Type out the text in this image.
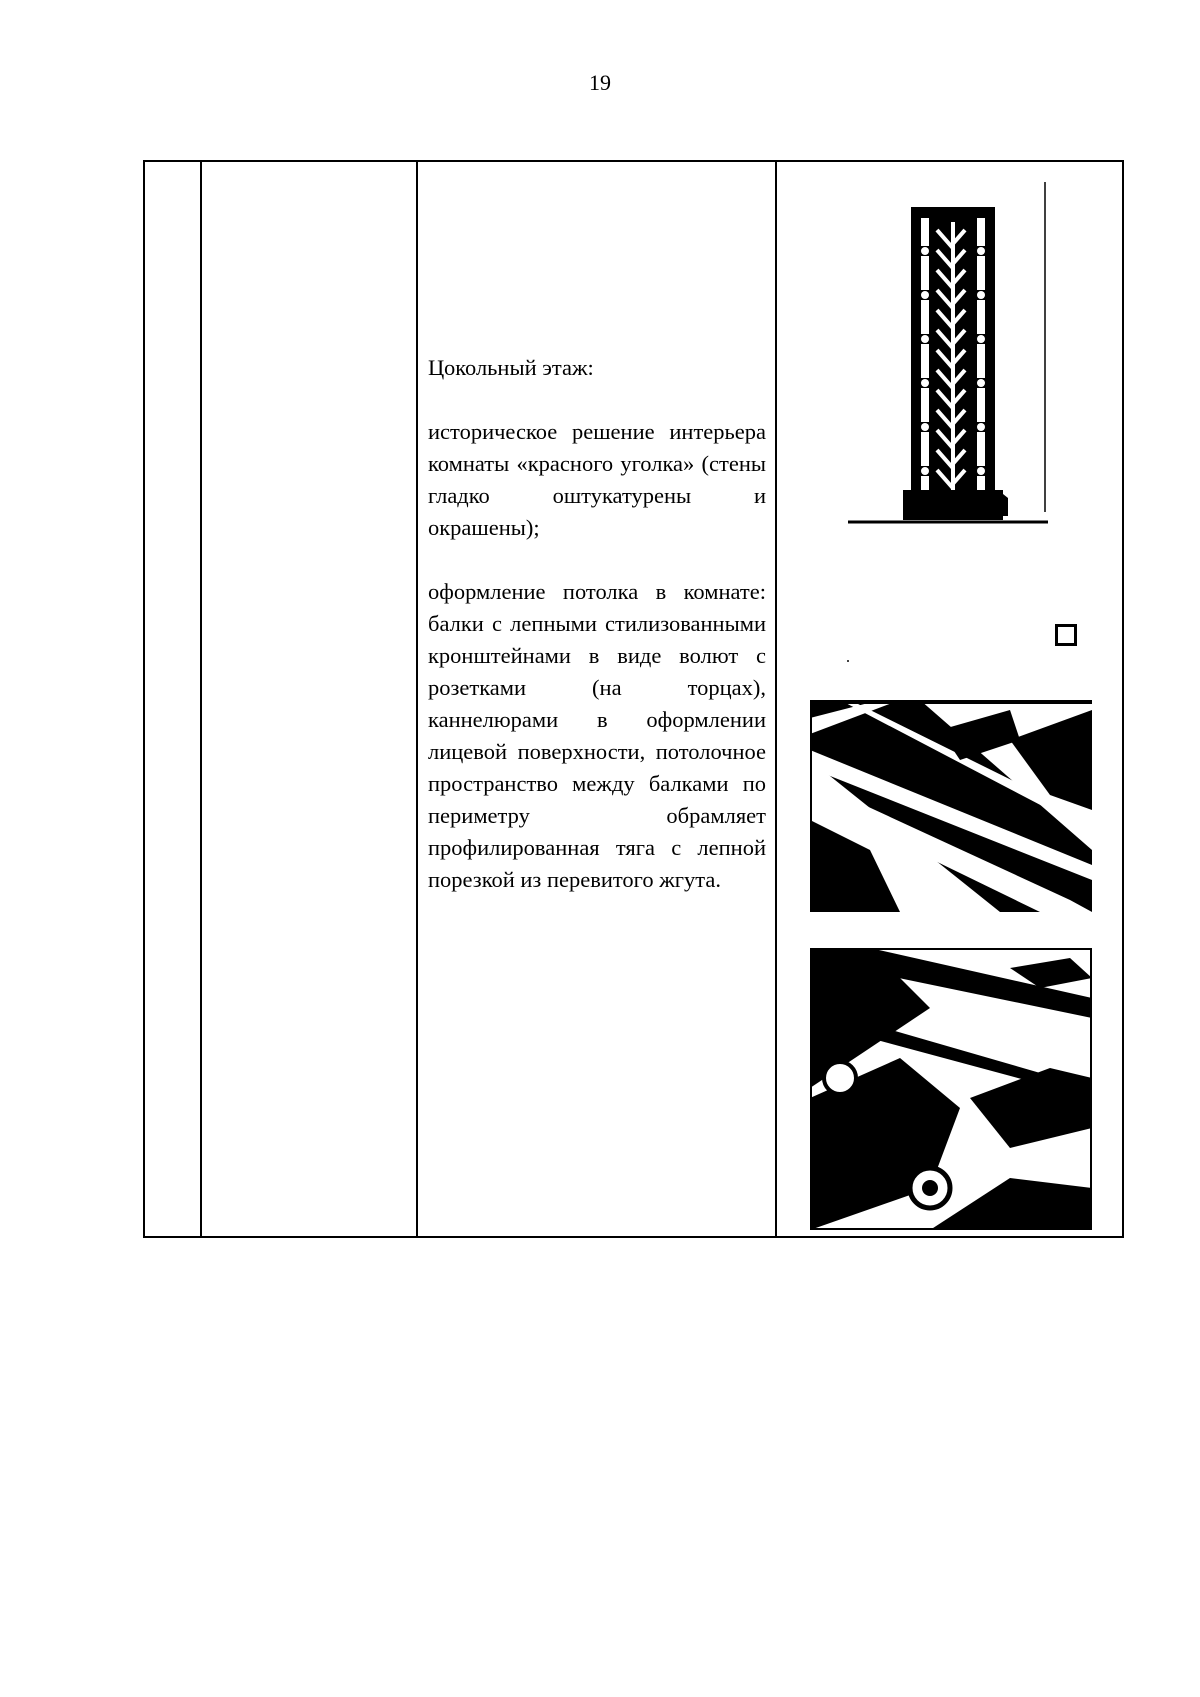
19

Цокольный этаж:

историческое решение интерьера комнаты «красного уголка» (стены гладко оштукатурены и окрашены);

оформление потолка в комнате: балки с лепными стилизованными кронштейнами в виде волют с розетками (на торцах), каннелюрами в оформлении лицевой поверхности, потолочное пространство между балками по периметру обрамляет профилированная тяга с лепной порезкой из перевитого жгута.
